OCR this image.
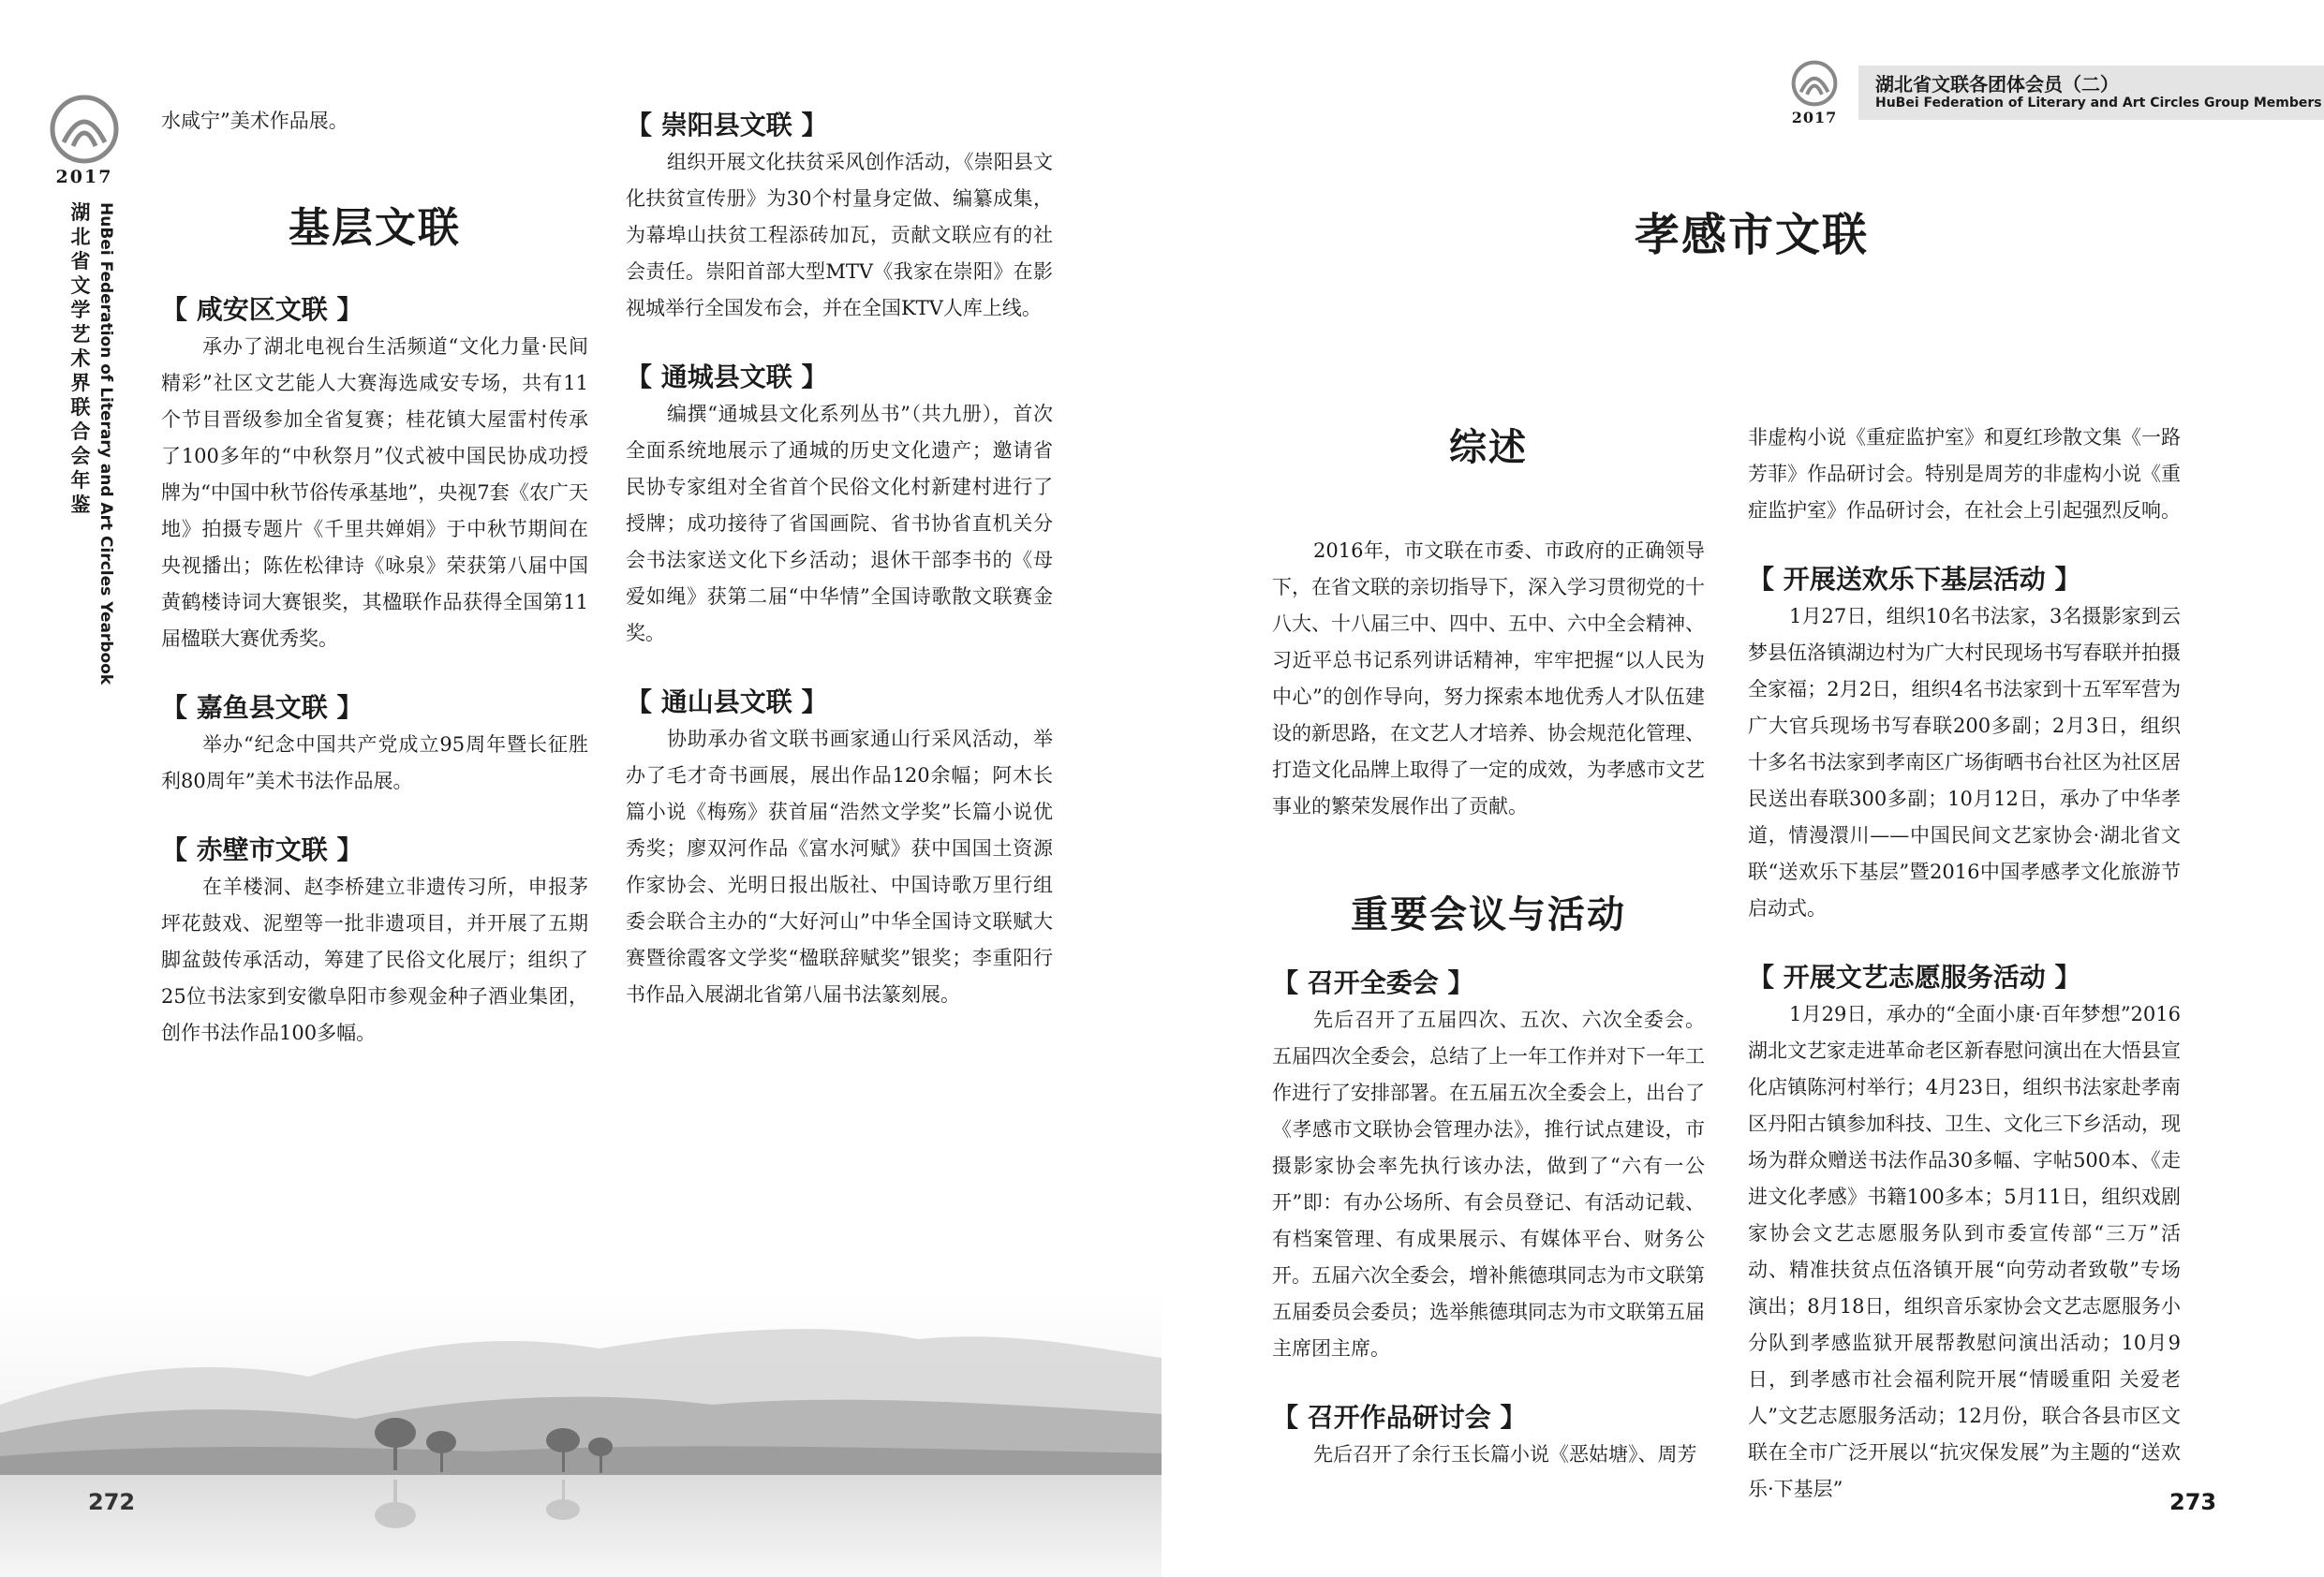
2017
湖
北
省
文
学
艺
术
界
联
合
会
年
鉴 HuBei Federation of Literary and Art Circles Yearbook

水咸宁”美术作品展。

基层文联

【 咸安区文联 】

承办了湖北电视台生活频道“文化力量·民间精彩”社区文艺能人大赛海选咸安专场，共有11个节目晋级参加全省复赛；桂花镇大屋雷村传承了100多年的“中秋祭月”仪式被中国民协成功授牌为“中国中秋节俗传承基地”，央视7套《农广天地》拍摄专题片《千里共婵娟》于中秋节期间在央视播出；陈佐松律诗《咏泉》荣获第八届中国黄鹤楼诗词大赛银奖，其楹联作品获得全国第11届楹联大赛优秀奖。

【 嘉鱼县文联 】

举办“纪念中国共产党成立95周年暨长征胜利80周年”美术书法作品展。

【 赤壁市文联 】

在羊楼洞、赵李桥建立非遗传习所，申报茅坪花鼓戏、泥塑等一批非遗项目，并开展了五期脚盆鼓传承活动，筹建了民俗文化展厅；组织了25位书法家到安徽阜阳市参观金种子酒业集团，创作书法作品100多幅。

【 崇阳县文联 】

组织开展文化扶贫采风创作活动，《崇阳县文化扶贫宣传册》为30个村量身定做、编纂成集，为幕埠山扶贫工程添砖加瓦，贡献文联应有的社会责任。崇阳首部大型MTV《我家在崇阳》在影视城举行全国发布会，并在全国KTV人库上线。

【 通城县文联 】

编撰“通城县文化系列丛书”（共九册），首次全面系统地展示了通城的历史文化遗产；邀请省民协专家组对全省首个民俗文化村新建村进行了授牌；成功接待了省国画院、省书协省直机关分会书法家送文化下乡活动；退休干部李书的《母爱如绳》获第二届“中华情”全国诗歌散文联赛金奖。

【 通山县文联 】

协助承办省文联书画家通山行采风活动，举办了毛才奇书画展，展出作品120余幅；阿木长篇小说《梅殇》获首届“浩然文学奖”长篇小说优秀奖；廖双河作品《富水河赋》获中国国土资源作家协会、光明日报出版社、中国诗歌万里行组委会联合主办的“大好河山”中华全国诗文联赋大赛暨徐霞客文学奖“楹联辞赋奖”银奖；李重阳行书作品入展湖北省第八届书法篆刻展。

272
2017
湖北省文联各团体会员（二）
HuBei Federation of Literary and Art Circles Group Members
孝感市文联
综述

2016年，市文联在市委、市政府的正确领导下，在省文联的亲切指导下，深入学习贯彻党的十八大、十八届三中、四中、五中、六中全会精神、习近平总书记系列讲话精神，牢牢把握“以人民为中心”的创作导向，努力探索本地优秀人才队伍建设的新思路，在文艺人才培养、协会规范化管理、打造文化品牌上取得了一定的成效，为孝感市文艺事业的繁荣发展作出了贡献。

重要会议与活动

【 召开全委会 】

先后召开了五届四次、五次、六次全委会。五届四次全委会，总结了上一年工作并对下一年工作进行了安排部署。在五届五次全委会上，出台了《孝感市文联协会管理办法》，推行试点建设，市摄影家协会率先执行该办法，做到了“六有一公开”即：有办公场所、有会员登记、有活动记载、有档案管理、有成果展示、有媒体平台、财务公开。五届六次全委会，增补熊德琪同志为市文联第五届委员会委员；选举熊德琪同志为市文联第五届主席团主席。

【 召开作品研讨会 】

先后召开了余行玉长篇小说《恶姑塘》、周芳

非虚构小说《重症监护室》和夏红珍散文集《一路芳菲》作品研讨会。特别是周芳的非虚构小说《重症监护室》作品研讨会，在社会上引起强烈反响。

【 开展送欢乐下基层活动 】

1月27日，组织10名书法家，3名摄影家到云梦县伍洛镇湖边村为广大村民现场书写春联并拍摄全家福；2月2日，组织4名书法家到十五军军营为广大官兵现场书写春联200多副；2月3日，组织十多名书法家到孝南区广场街晒书台社区为社区居民送出春联300多副；10月12日，承办了中华孝道，情漫澴川——中国民间文艺家协会·湖北省文联“送欢乐下基层”暨2016中国孝感孝文化旅游节启动式。

【 开展文艺志愿服务活动 】

1月29日，承办的“全面小康·百年梦想”2016湖北文艺家走进革命老区新春慰问演出在大悟县宣化店镇陈河村举行；4月23日，组织书法家赴孝南区丹阳古镇参加科技、卫生、文化三下乡活动，现场为群众赠送书法作品30多幅、字帖500本、《走进文化孝感》书籍100多本；5月11日，组织戏剧家协会文艺志愿服务队到市委宣传部“三万”活动、精准扶贫点伍洛镇开展“向劳动者致敬”专场演出；8月18日，组织音乐家协会文艺志愿服务小分队到孝感监狱开展帮教慰问演出活动；10月9日，到孝感市社会福利院开展“情暖重阳 关爱老人”文艺志愿服务活动；12月份，联合各县市区文联在全市广泛开展以“抗灾保发展”为主题的“送欢乐·下基层”	273
